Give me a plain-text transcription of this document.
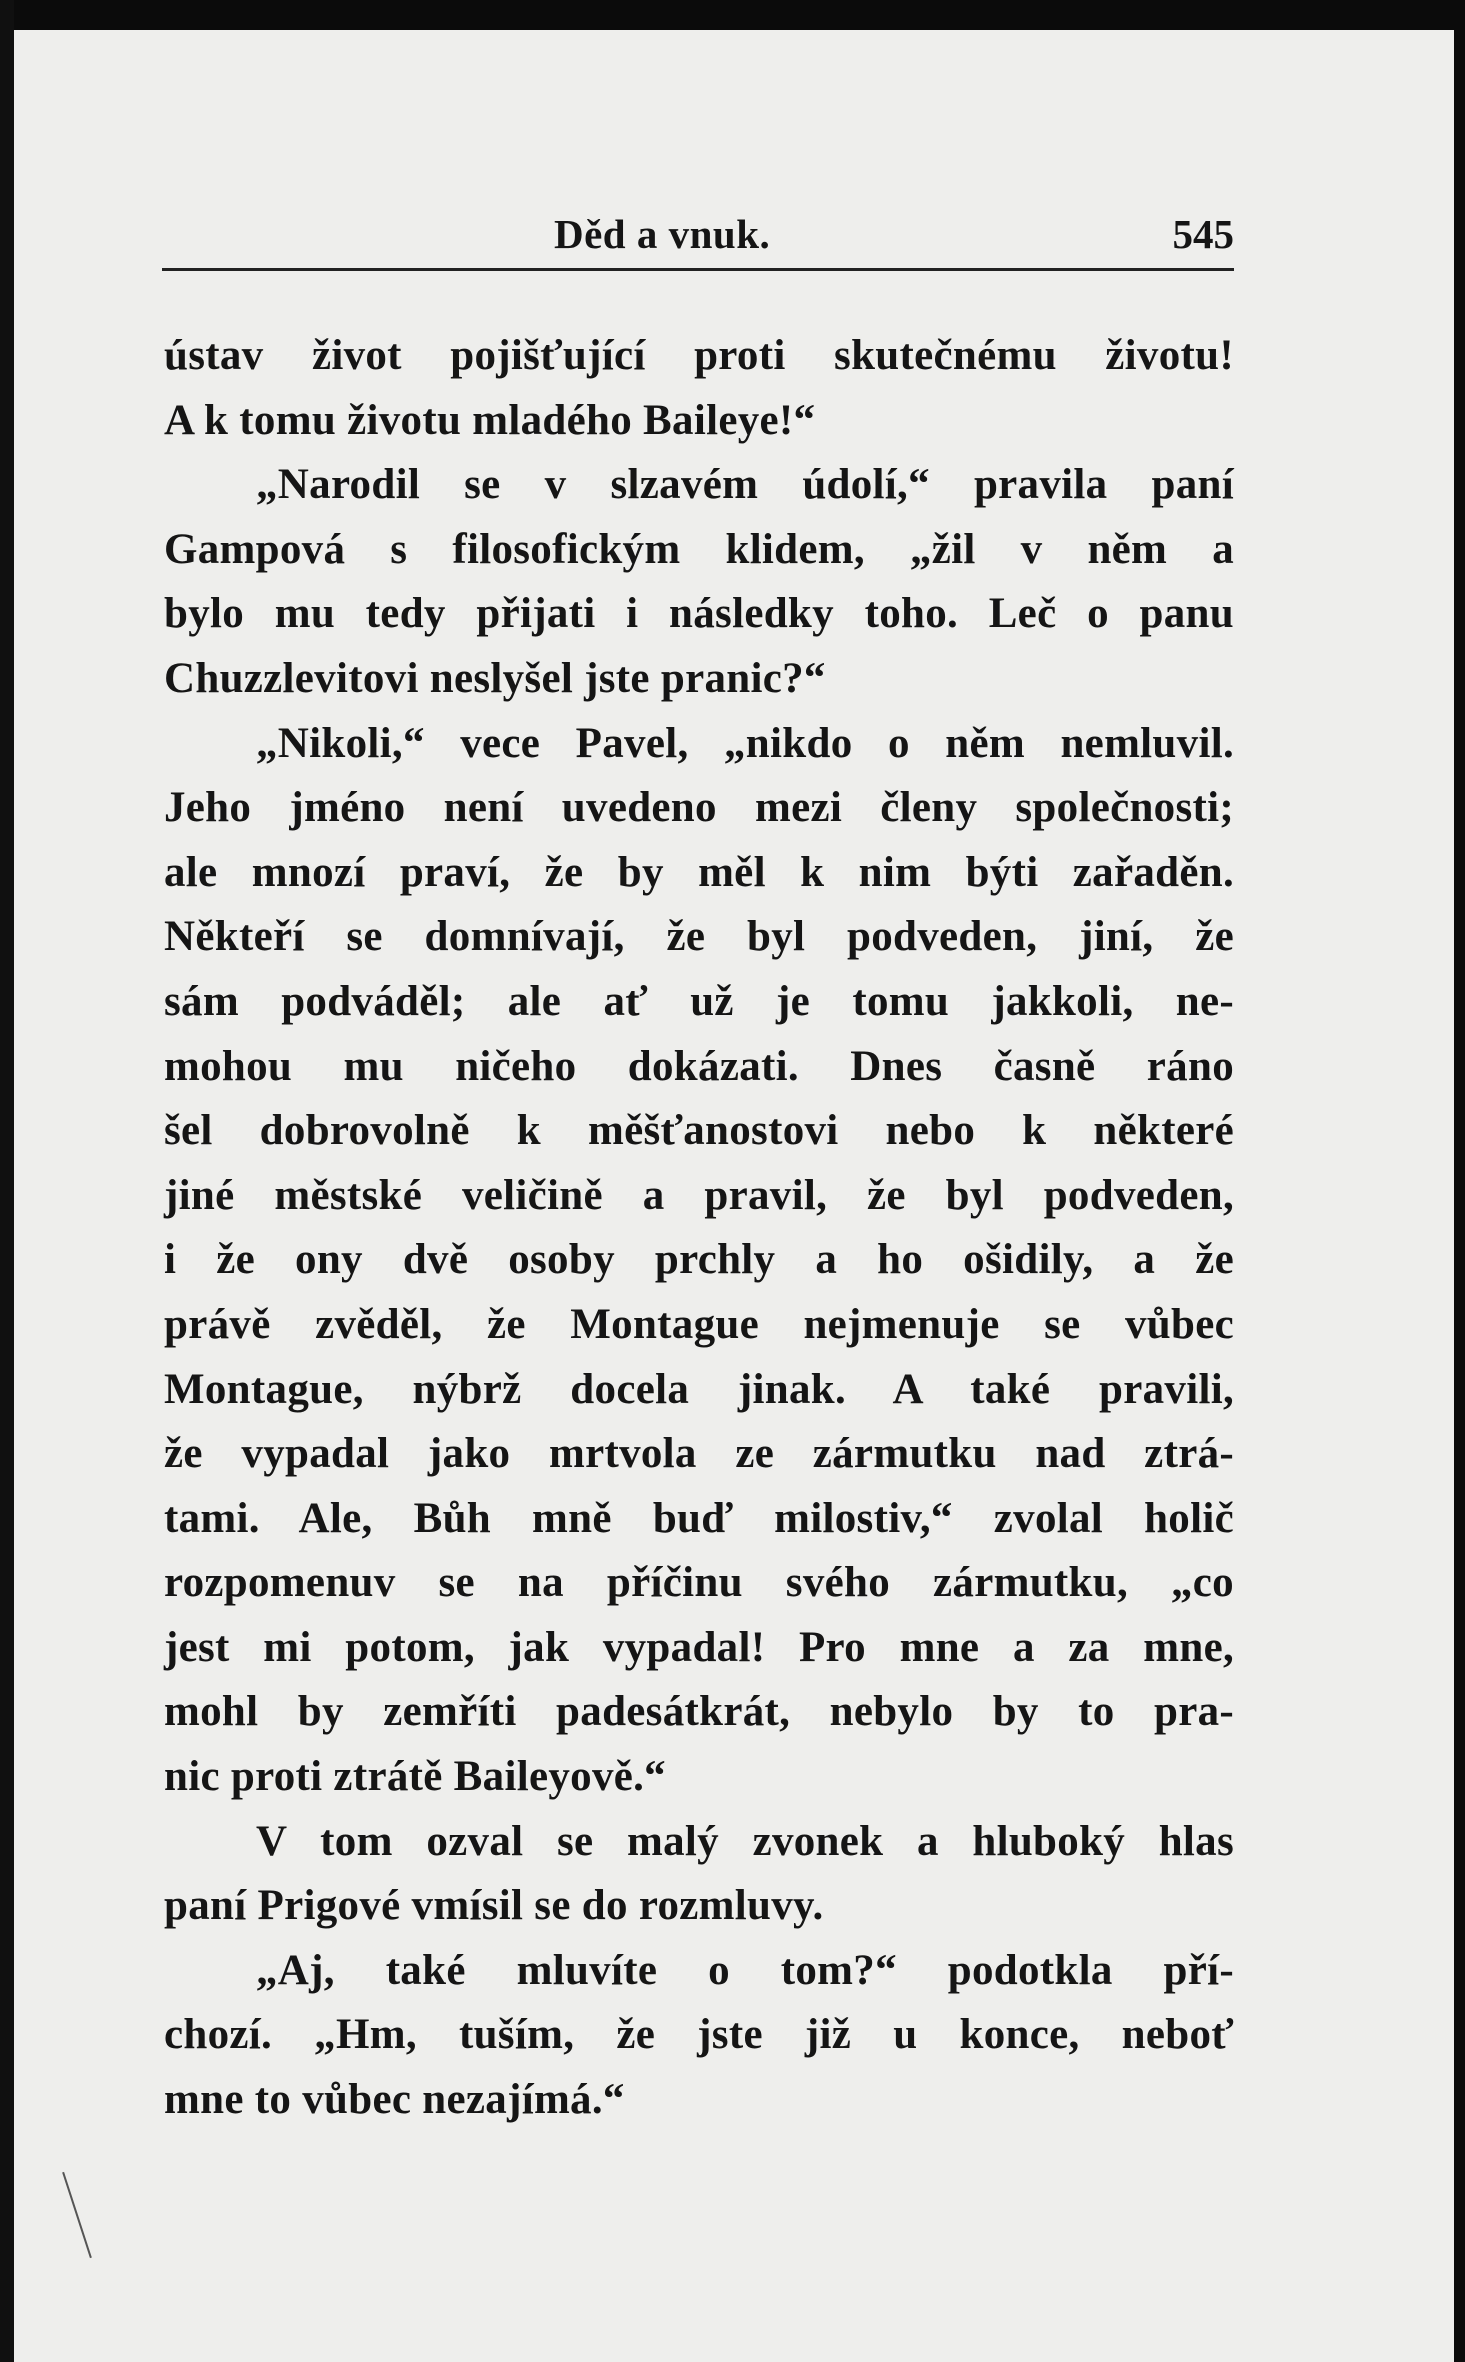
Děd a vnuk.	545
ústav život pojišťující proti skutečnému životu!
A k tomu životu mladého Baileye!“
„Narodil se v slzavém údolí,“ pravila paní
Gampová s filosofickým klidem, „žil v něm a
bylo mu tedy přijati i následky toho. Leč o panu
Chuzzlevitovi neslyšel jste pranic?“
„Nikoli,“ vece Pavel, „nikdo o něm nemluvil.
Jeho jméno není uvedeno mezi členy společnosti;
ale mnozí praví, že by měl k nim býti zařaděn.
Někteří se domnívají, že byl podveden, jiní, že
sám podváděl; ale ať už je tomu jakkoli, ne-
mohou mu ničeho dokázati. Dnes časně ráno
šel dobrovolně k měšťanostovi nebo k některé
jiné městské veličině a pravil, že byl podveden,
i že ony dvě osoby prchly a ho ošidily, a že
právě zvěděl, že Montague nejmenuje se vůbec
Montague, nýbrž docela jinak. A také pravili,
že vypadal jako mrtvola ze zármutku nad ztrá-
tami. Ale, Bůh mně buď milostiv,“ zvolal holič
rozpomenuv se na příčinu svého zármutku, „co
jest mi potom, jak vypadal! Pro mne a za mne,
mohl by zemříti padesátkrát, nebylo by to pra-
nic proti ztrátě Baileyově.“
V tom ozval se malý zvonek a hluboký hlas
paní Prigové vmísil se do rozmluvy.
„Aj, také mluvíte o tom?“ podotkla pří-
chozí. „Hm, tuším, že jste již u konce, neboť
mne to vůbec nezajímá.“
